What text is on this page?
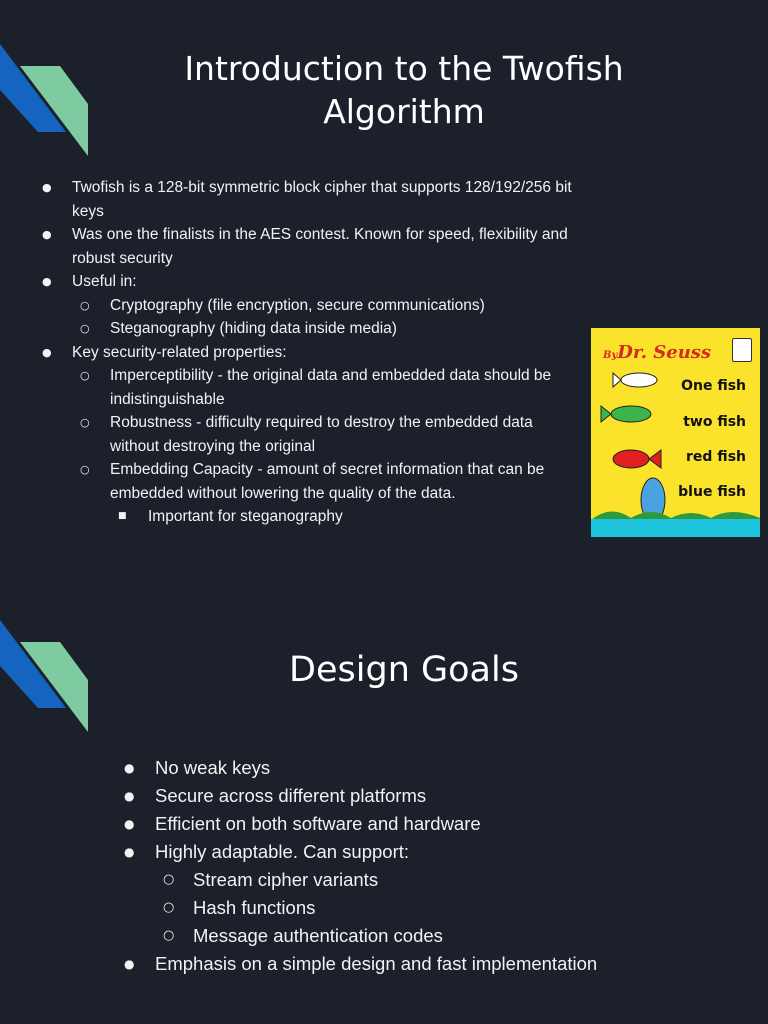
Introduction to the Twofish Algorithm
● Twofish is a 128-bit symmetric block cipher that supports 128/192/256 bit keys
● Was one the finalists in the AES contest. Known for speed, flexibility and robust security
● Useful in:
○ Cryptography (file encryption, secure communications)
○ Steganography (hiding data inside media)
● Key security-related properties:
○ Imperceptibility - the original data and embedded data should be indistinguishable
○ Robustness - difficulty required to destroy the embedded data without destroying the original
○ Embedding Capacity - amount of secret information that can be embedded without lowering the quality of the data.
■ Important for steganography
ByDr. Seuss
One fish
two fish
red fish
blue fish
Design Goals
● No weak keys
● Secure across different platforms
● Efficient on both software and hardware
● Highly adaptable. Can support:
○ Stream cipher variants
○ Hash functions
○ Message authentication codes
● Emphasis on a simple design and fast implementation
